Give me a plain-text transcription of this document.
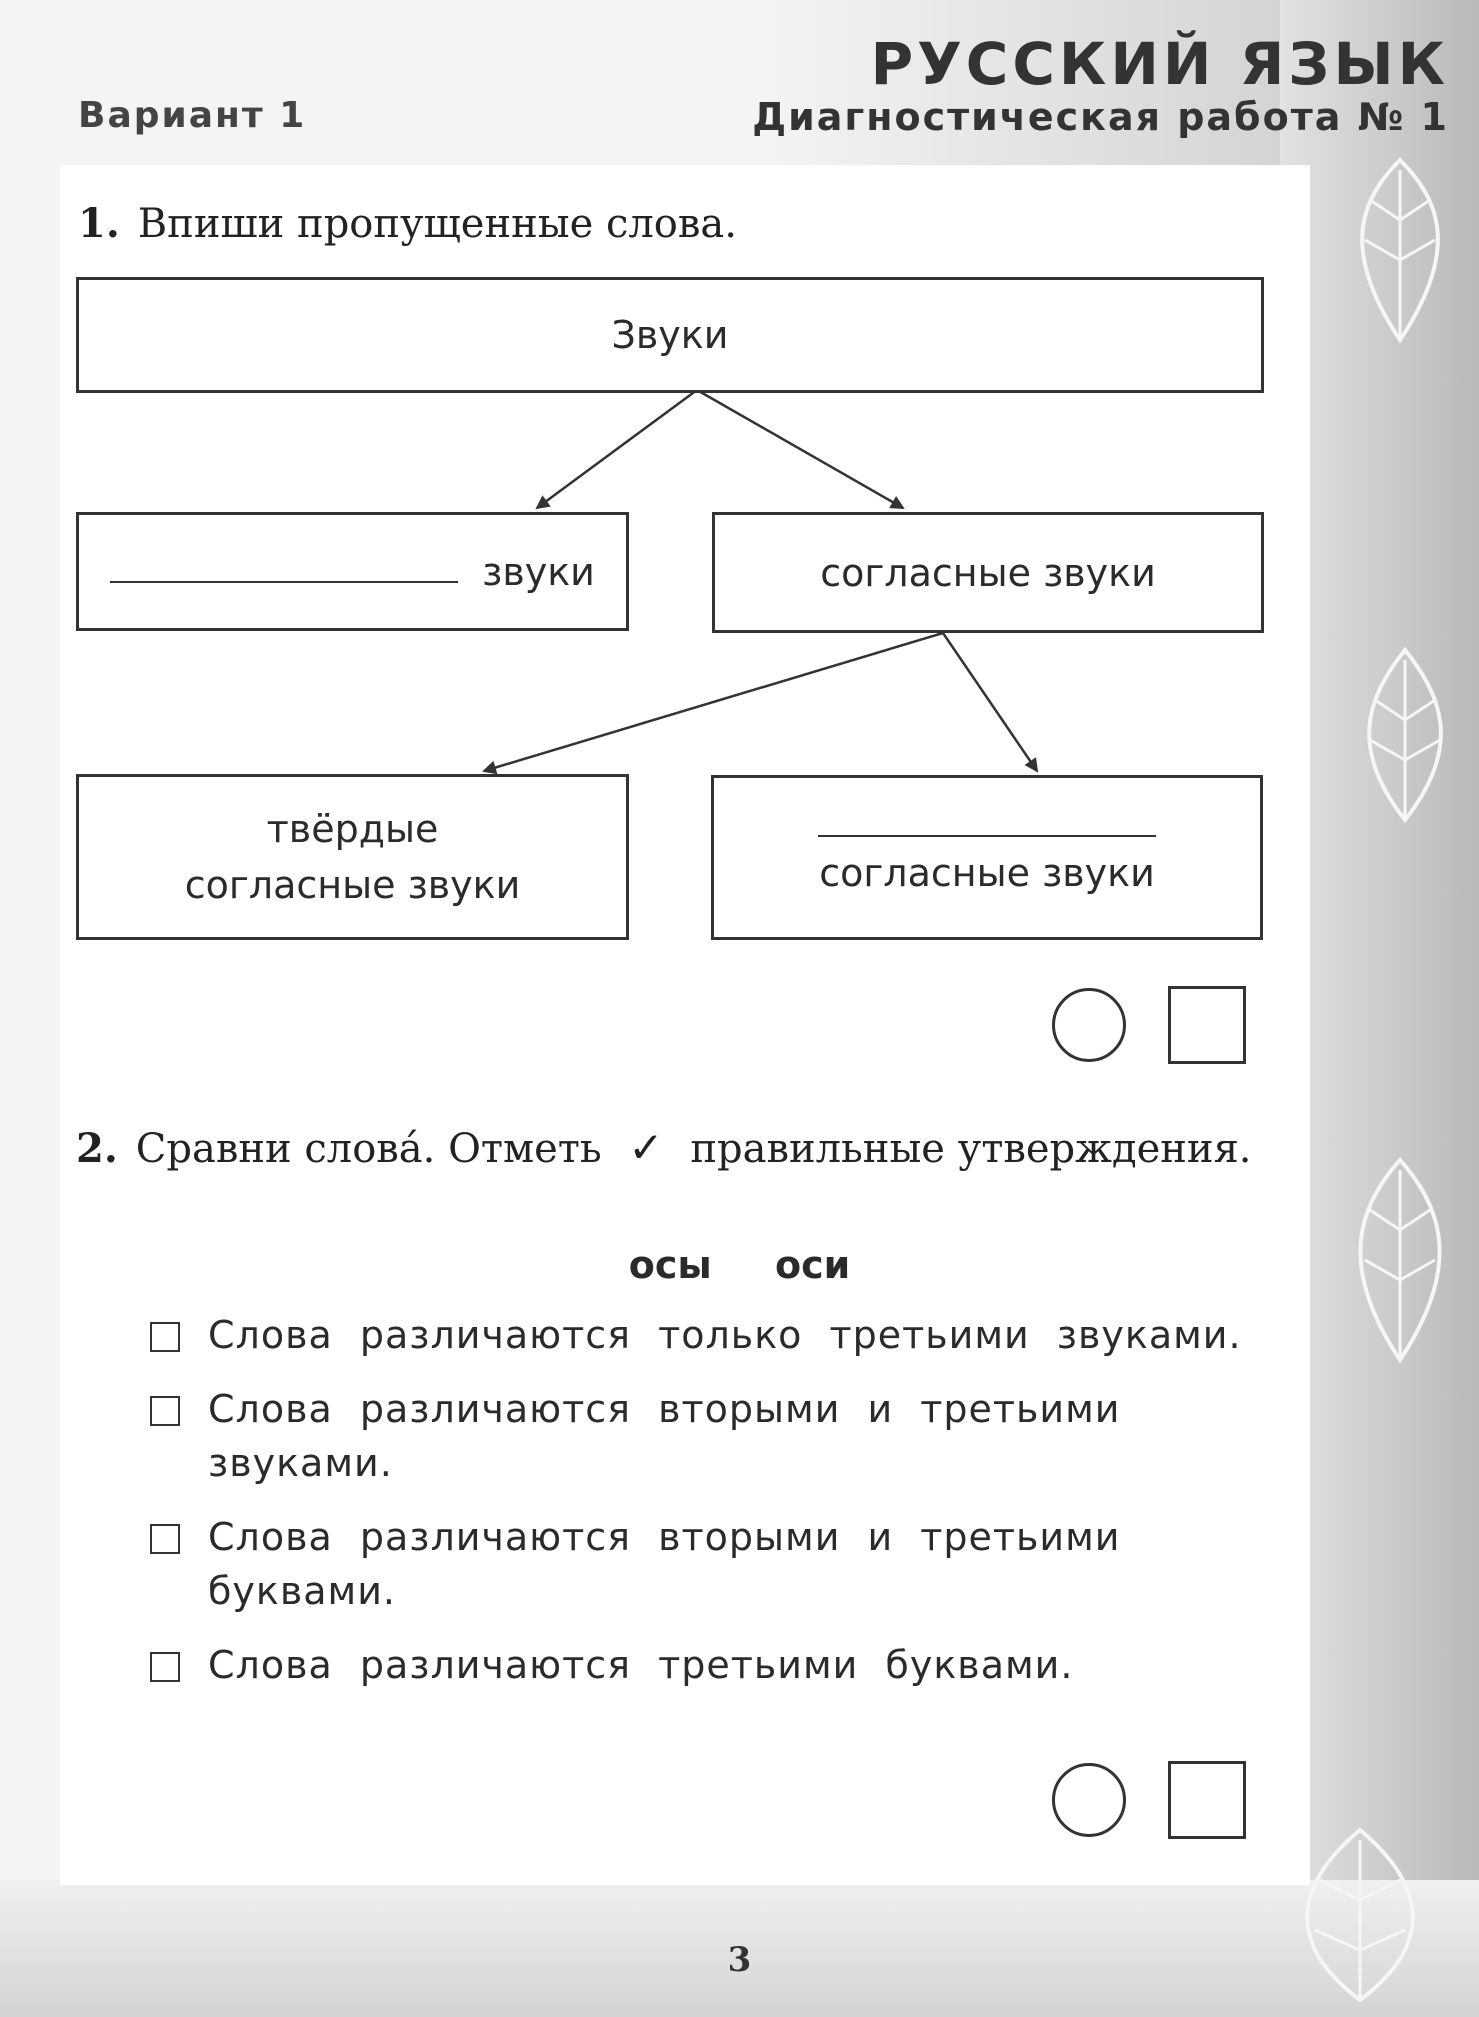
РУССКИЙ ЯЗЫК
Диагностическая работа № 1
Вариант 1
1. Впиши пропущенные слова.
Звуки
звуки	согласные звуки
твёрдые
согласные звуки	согласные звуки
2. Сравни слова́. Отметь ✓ правильные утверждения.
осы оси
Слова различаются только третьими звуками.
Слова различаются вторыми и третьими звуками.
Слова различаются вторыми и третьими буквами.
Слова различаются третьими буквами.
3
